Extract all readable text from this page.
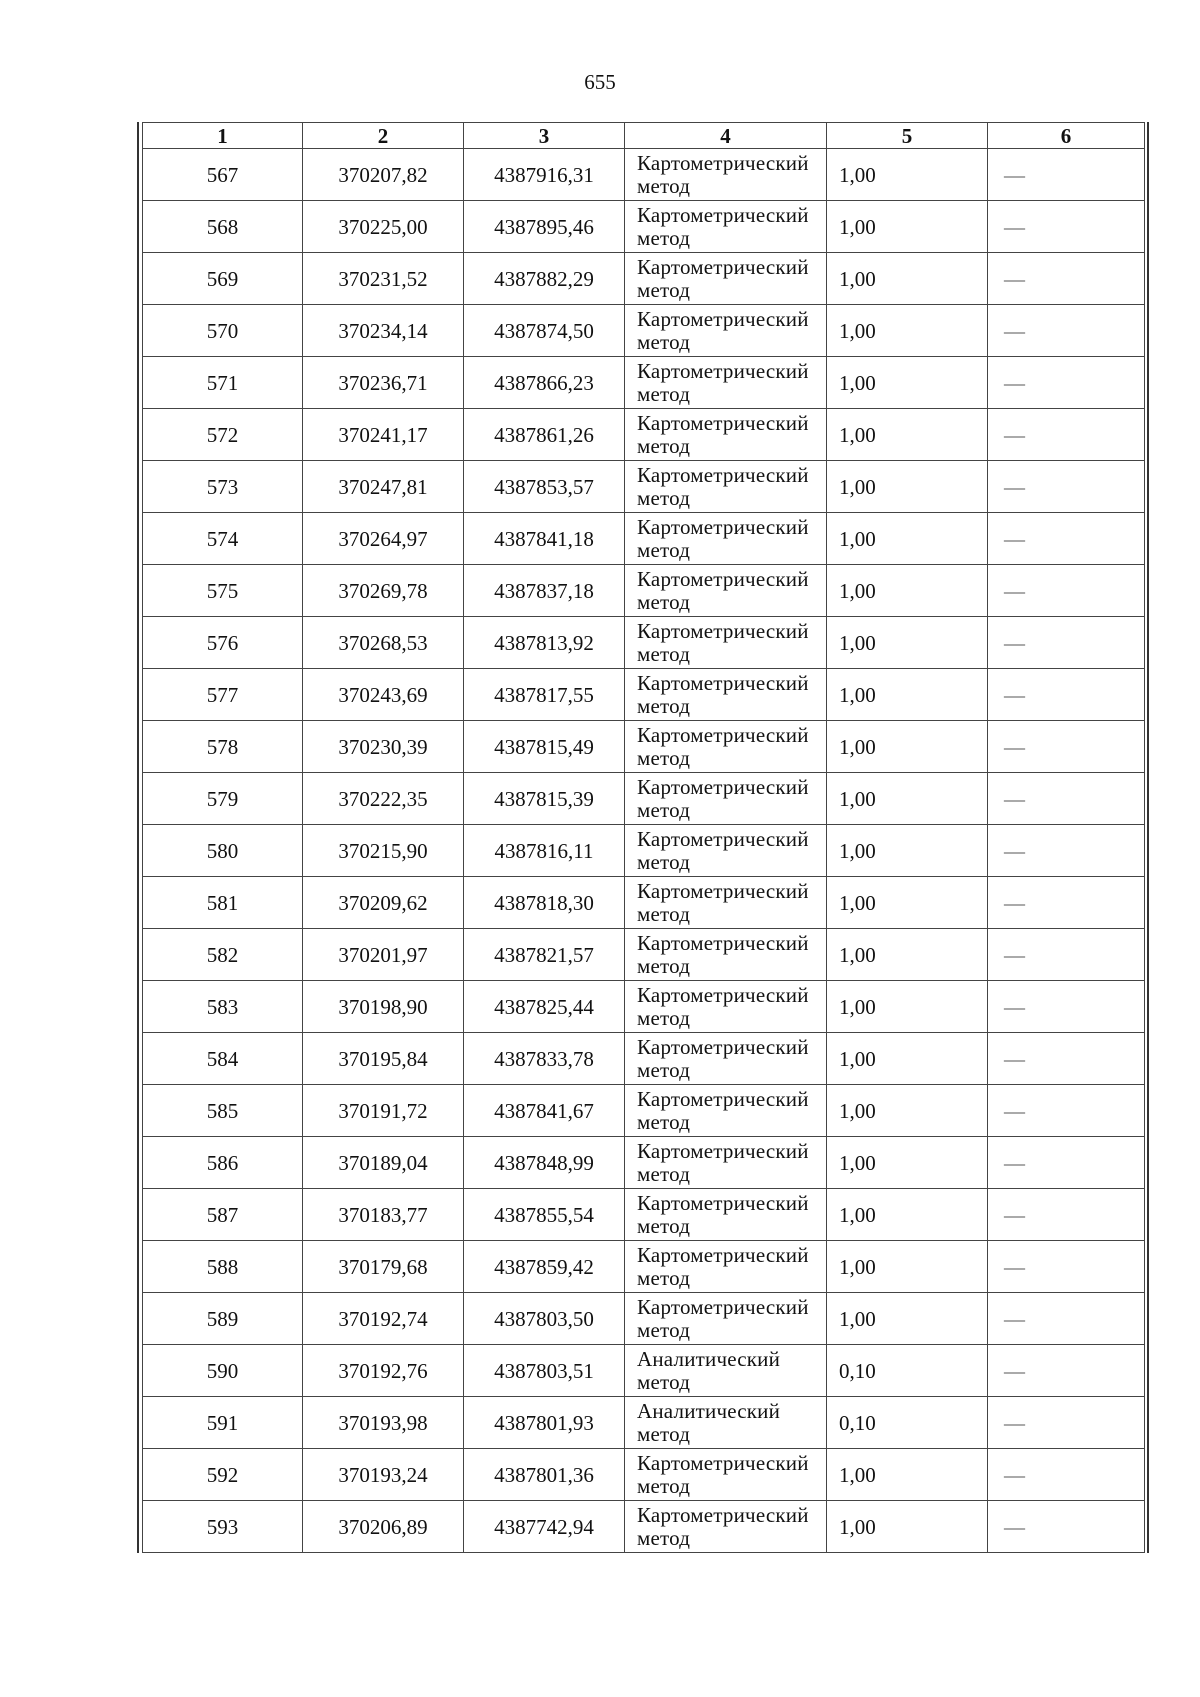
655
1	2	3	4	5	6
567	370207,82	4387916,31	Картометрический метод	1,00	—
568	370225,00	4387895,46	Картометрический метод	1,00	—
569	370231,52	4387882,29	Картометрический метод	1,00	—
570	370234,14	4387874,50	Картометрический метод	1,00	—
571	370236,71	4387866,23	Картометрический метод	1,00	—
572	370241,17	4387861,26	Картометрический метод	1,00	—
573	370247,81	4387853,57	Картометрический метод	1,00	—
574	370264,97	4387841,18	Картометрический метод	1,00	—
575	370269,78	4387837,18	Картометрический метод	1,00	—
576	370268,53	4387813,92	Картометрический метод	1,00	—
577	370243,69	4387817,55	Картометрический метод	1,00	—
578	370230,39	4387815,49	Картометрический метод	1,00	—
579	370222,35	4387815,39	Картометрический метод	1,00	—
580	370215,90	4387816,11	Картометрический метод	1,00	—
581	370209,62	4387818,30	Картометрический метод	1,00	—
582	370201,97	4387821,57	Картометрический метод	1,00	—
583	370198,90	4387825,44	Картометрический метод	1,00	—
584	370195,84	4387833,78	Картометрический метод	1,00	—
585	370191,72	4387841,67	Картометрический метод	1,00	—
586	370189,04	4387848,99	Картометрический метод	1,00	—
587	370183,77	4387855,54	Картометрический метод	1,00	—
588	370179,68	4387859,42	Картометрический метод	1,00	—
589	370192,74	4387803,50	Картометрический метод	1,00	—
590	370192,76	4387803,51	Аналитический метод	0,10	—
591	370193,98	4387801,93	Аналитический метод	0,10	—
592	370193,24	4387801,36	Картометрический метод	1,00	—
593	370206,89	4387742,94	Картометрический метод	1,00	—
